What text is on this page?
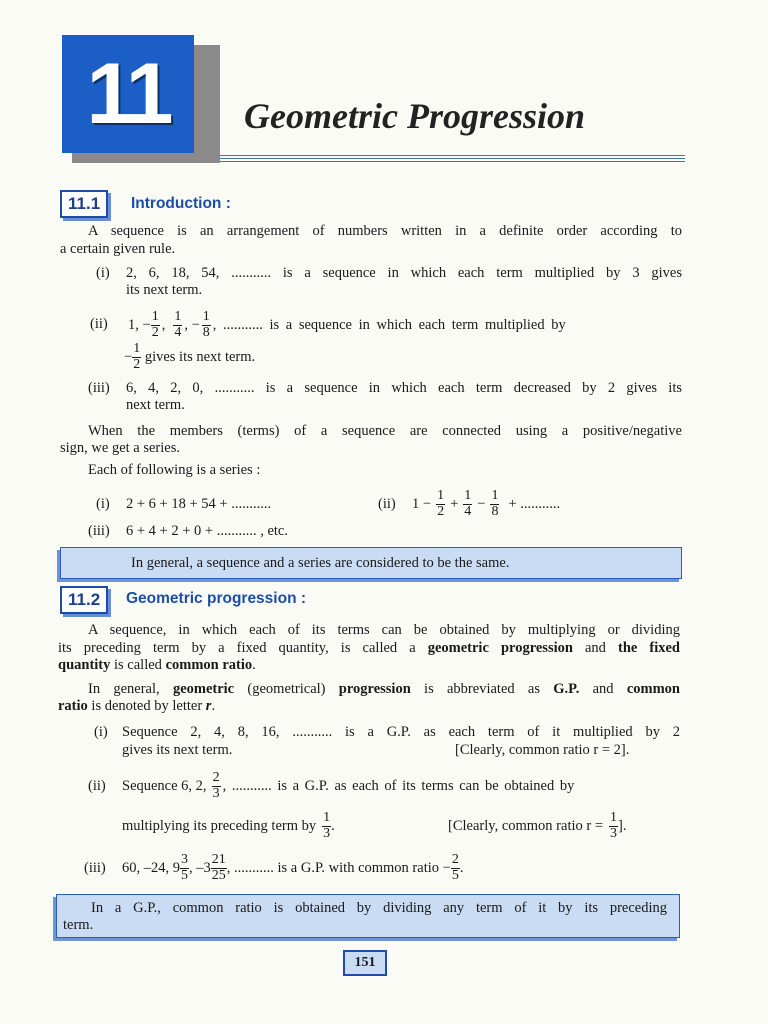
11 Geometric Progression
11.1	Introduction :
A sequence is an arrangement of numbers written in a definite order according to
a certain given rule.
(i) 2, 6, 18, 54, ........... is a sequence in which each term multiplied by 3 gives
its next term.
(ii) 1, − $\frac{1}{2}$ , $\frac{1}{4}$ , − $\frac{1}{8}$ , ........... is a sequence in which each term multiplied by
− $\frac{1}{2}$ gives its next term.
(iii) 6, 4, 2, 0, ........... is a sequence in which each term decreased by 2 gives its
next term.
When the members (terms) of a sequence are connected using a positive/negative
sign, we get a series.
Each of following is a series :
(i) 2 + 6 + 18 + 54 + ...........	(ii) $1 - \frac{1}{2} + \frac{1}{4} - \frac{1}{8}$ + ...........
(iii) 6 + 4 + 2 + 0 + ........... , etc.
In general, a sequence and a series are considered to be the same.
11.2	Geometric progression :
A sequence, in which each of its terms can be obtained by multiplying or dividing
its preceding term by a fixed quantity, is called a geometric progression and the fixed
quantity is called common ratio.
In general, geometric (geometrical) progression is abbreviated as G.P. and common
ratio is denoted by letter r.
(i) Sequence 2, 4, 8, 16, ........... is a G.P. as each term of it multiplied by 2
gives its next term.	[Clearly, common ratio r = 2].
(ii) Sequence 6, 2, $\frac{2}{3}$ , ........... is a G.P. as each of its terms can be obtained by
multiplying its preceding term by $\frac{1}{3}$ .	[Clearly, common ratio $r = \frac{1}{3}$ ].
(iii) 60, –24, $9 \frac{3}{5}$ , $-3 \frac{21}{25}$ , ........... is a G.P. with common ratio − $\frac{2}{5}$ .
In a G.P., common ratio is obtained by dividing any term of it by its preceding
term.
151
